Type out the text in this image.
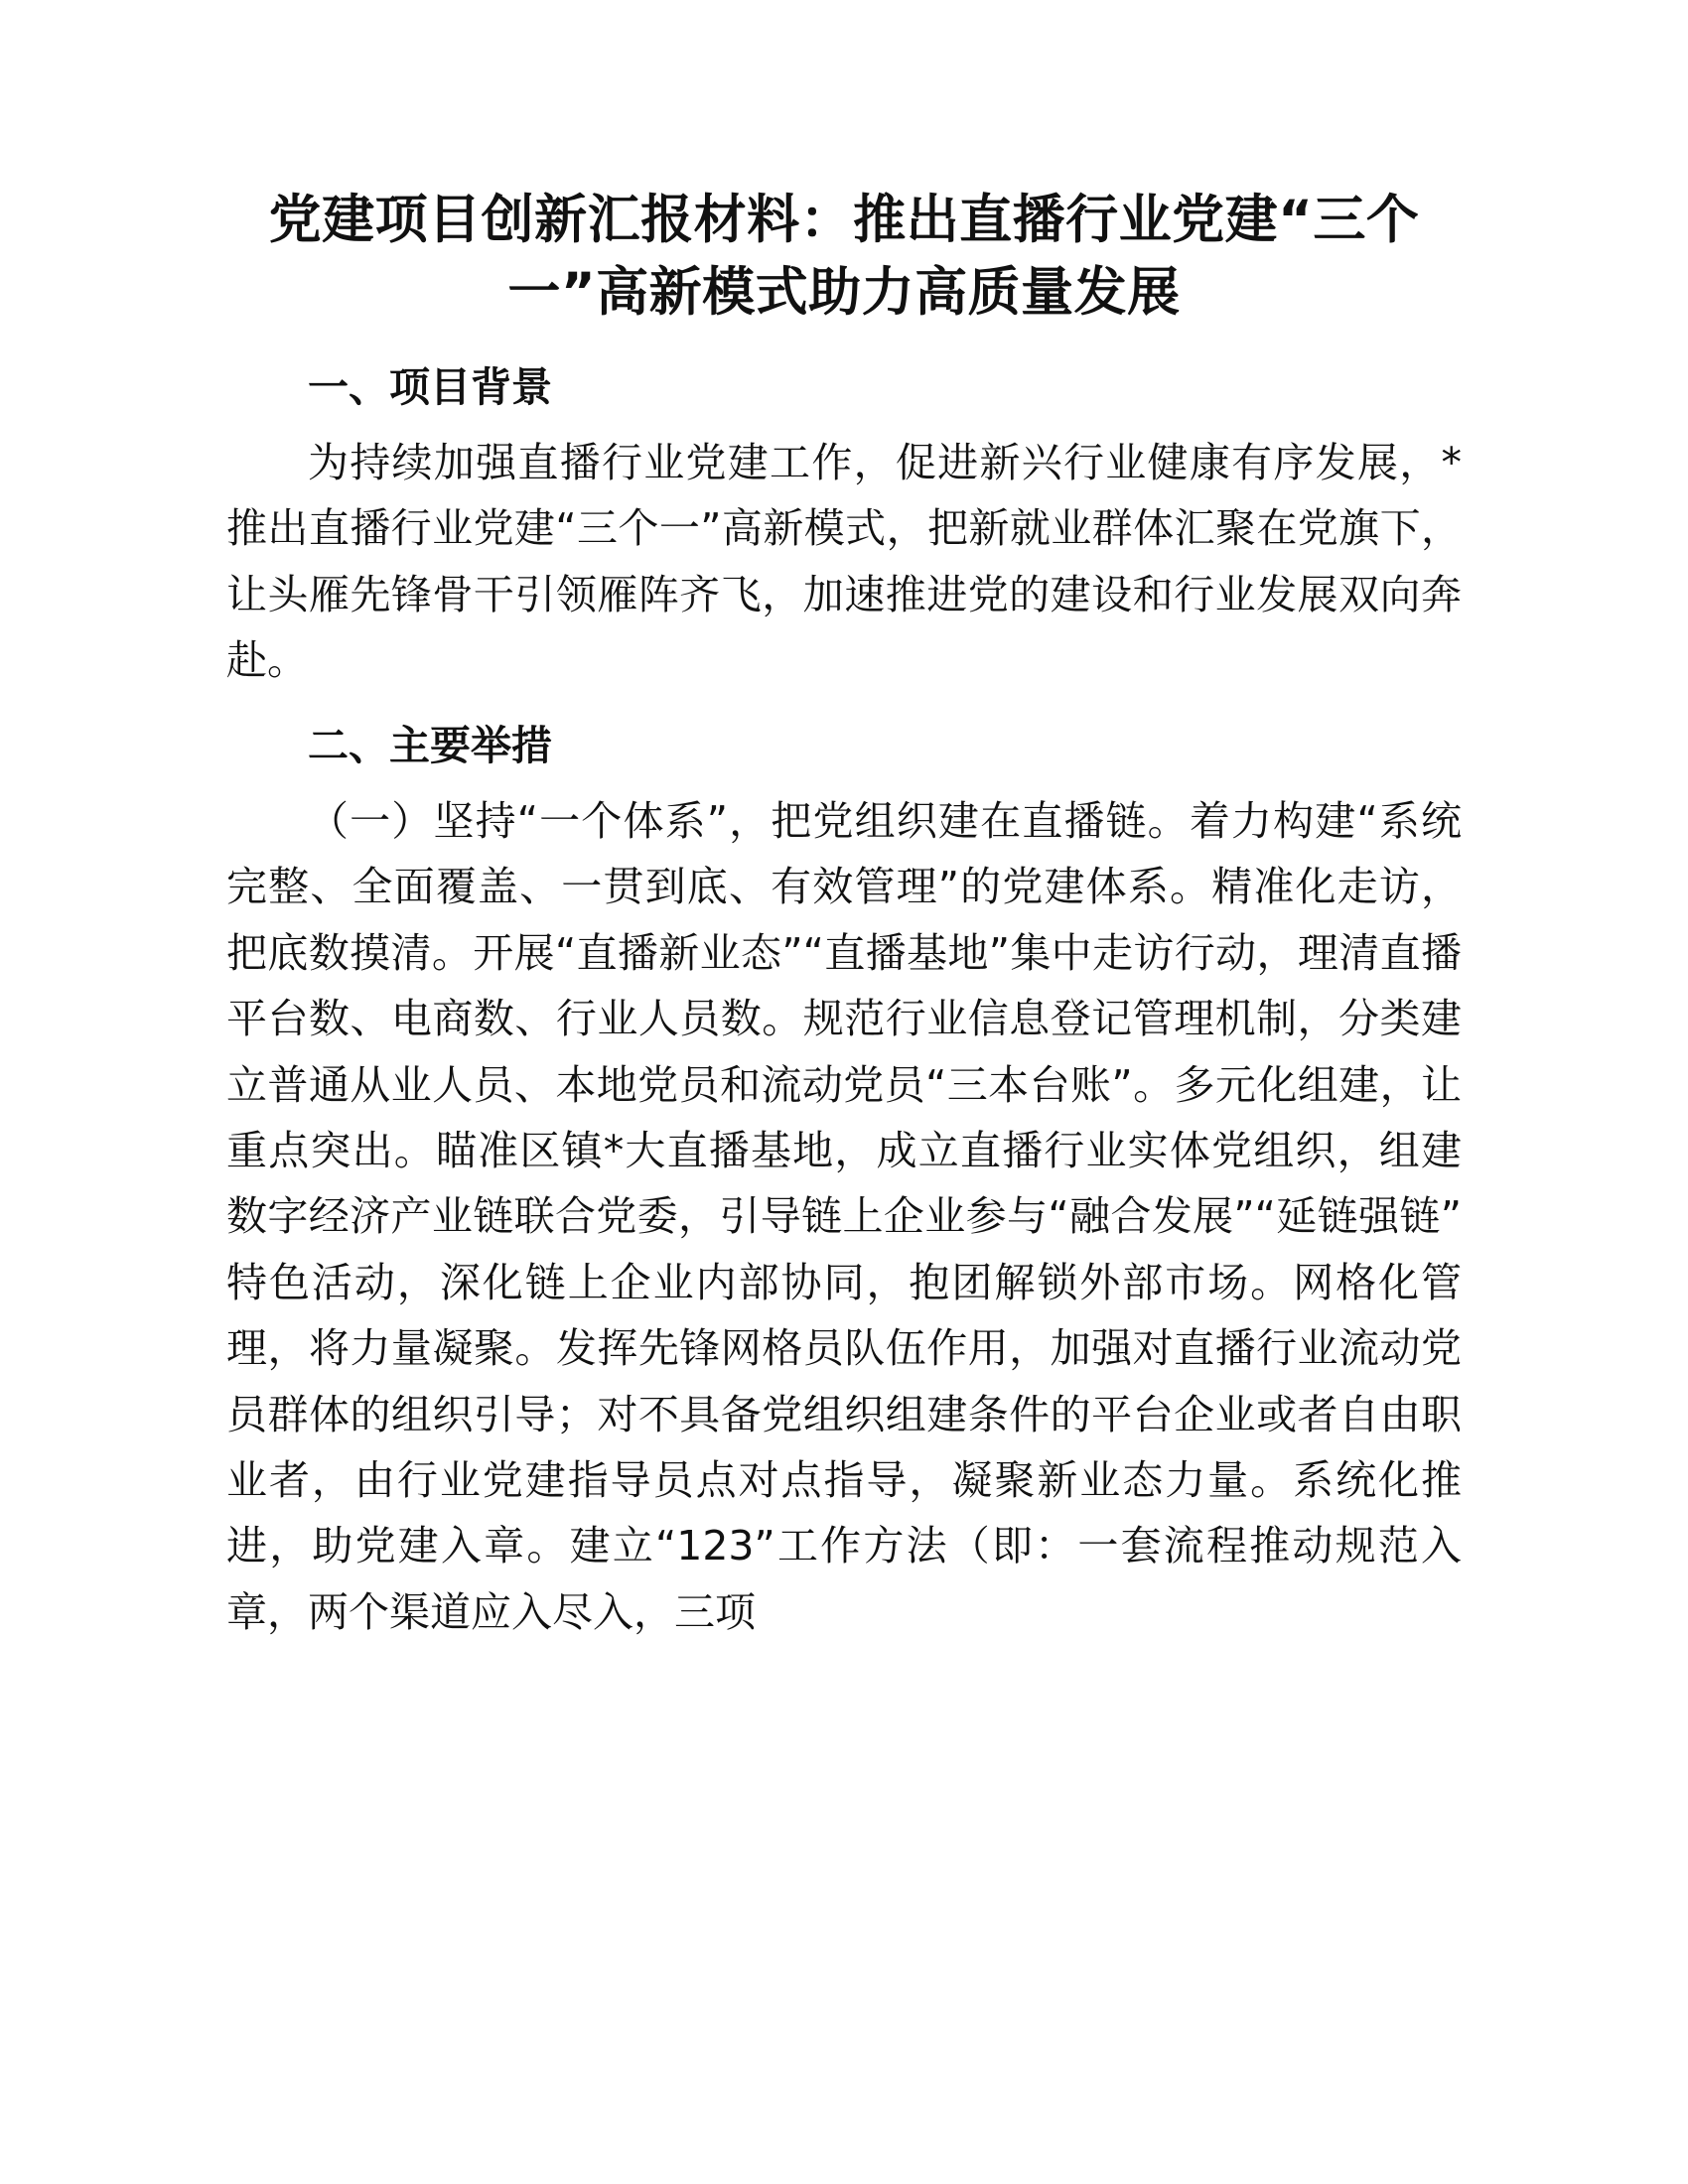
党建项目创新汇报材料：推出直播行业党建“三个一”高新模式助力高质量发展
一、项目背景

为持续加强直播行业党建工作，促进新兴行业健康有序发展，*推出直播行业党建“三个一”高新模式，把新就业群体汇聚在党旗下，让头雁先锋骨干引领雁阵齐飞，加速推进党的建设和行业发展双向奔赴。

二、主要举措

（一）坚持“一个体系”，把党组织建在直播链。着力构建“系统完整、全面覆盖、一贯到底、有效管理”的党建体系。精准化走访，把底数摸清。开展“直播新业态”“直播基地”集中走访行动，理清直播平台数、电商数、行业人员数。规范行业信息登记管理机制，分类建立普通从业人员、本地党员和流动党员“三本台账”。多元化组建，让重点突出。瞄准区镇*大直播基地，成立直播行业实体党组织，组建数字经济产业链联合党委，引导链上企业参与“融合发展”“延链强链”特色活动，深化链上企业内部协同，抱团解锁外部市场。网格化管理，将力量凝聚。发挥先锋网格员队伍作用，加强对直播行业流动党员群体的组织引导；对不具备党组织组建条件的平台企业或者自由职业者，由行业党建指导员点对点指导，凝聚新业态力量。系统化推进，助党建入章。建立“123”工作方法（即：一套流程推动规范入章，两个渠道应入尽入，三项
